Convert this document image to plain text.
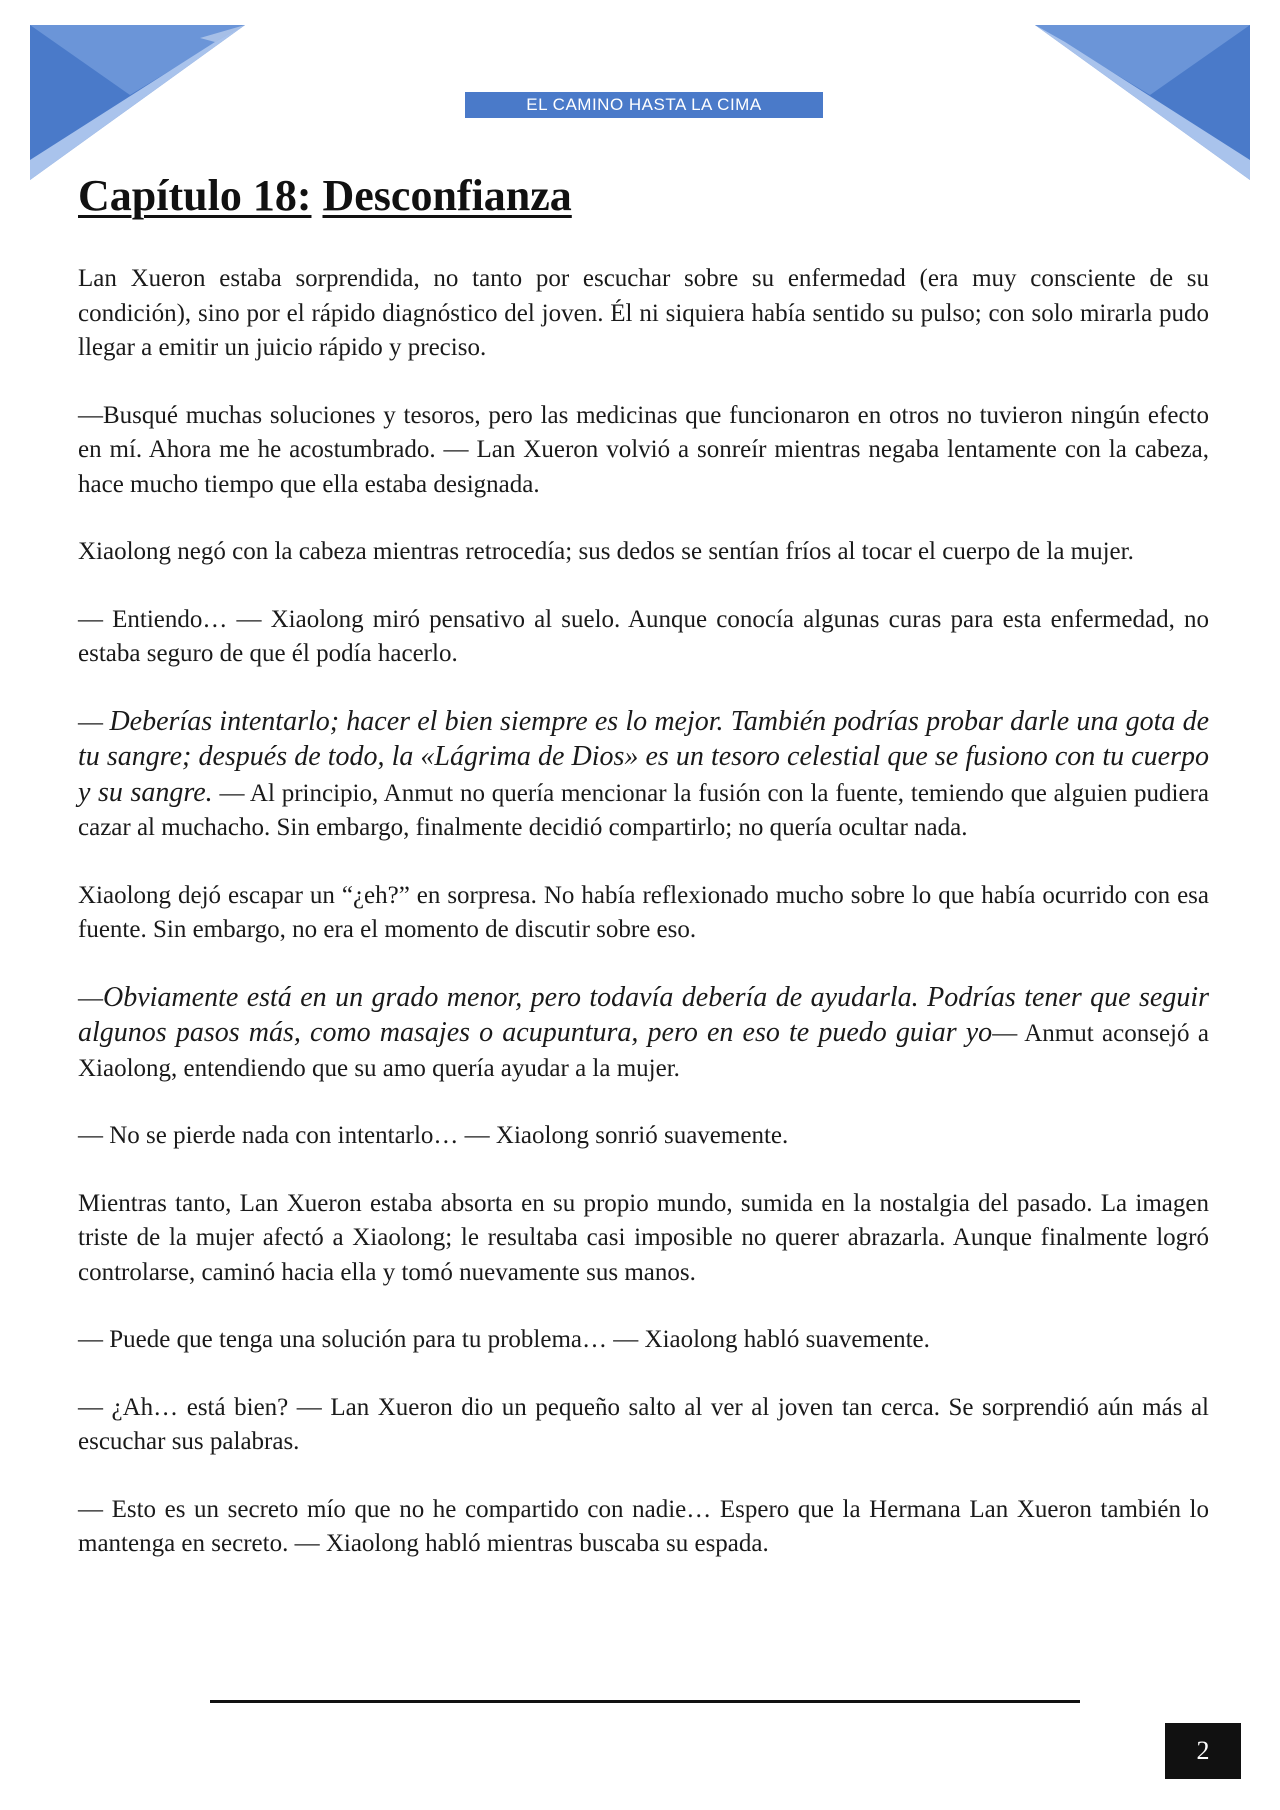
EL CAMINO HASTA LA CIMA
Capítulo 18: Desconfianza

Lan Xueron estaba sorprendida, no tanto por escuchar sobre su enfermedad (era muy consciente de su condición), sino por el rápido diagnóstico del joven. Él ni siquiera había sentido su pulso; con solo mirarla pudo llegar a emitir un juicio rápido y preciso.

—Busqué muchas soluciones y tesoros, pero las medicinas que funcionaron en otros no tuvieron ningún efecto en mí. Ahora me he acostumbrado. — Lan Xueron volvió a sonreír mientras negaba lentamente con la cabeza, hace mucho tiempo que ella estaba designada.

Xiaolong negó con la cabeza mientras retrocedía; sus dedos se sentían fríos al tocar el cuerpo de la mujer.

— Entiendo… — Xiaolong miró pensativo al suelo. Aunque conocía algunas curas para esta enfermedad, no estaba seguro de que él podía hacerlo.

— Deberías intentarlo; hacer el bien siempre es lo mejor. También podrías probar darle una gota de tu sangre; después de todo, la «Lágrima de Dios» es un tesoro celestial que se fusiono con tu cuerpo y su sangre. — Al principio, Anmut no quería mencionar la fusión con la fuente, temiendo que alguien pudiera cazar al muchacho. Sin embargo, finalmente decidió compartirlo; no quería ocultar nada.

Xiaolong dejó escapar un “¿eh?” en sorpresa. No había reflexionado mucho sobre lo que había ocurrido con esa fuente. Sin embargo, no era el momento de discutir sobre eso.

—Obviamente está en un grado menor, pero todavía debería de ayudarla. Podrías tener que seguir algunos pasos más, como masajes o acupuntura, pero en eso te puedo guiar yo— Anmut aconsejó a Xiaolong, entendiendo que su amo quería ayudar a la mujer.

— No se pierde nada con intentarlo… — Xiaolong sonrió suavemente.

Mientras tanto, Lan Xueron estaba absorta en su propio mundo, sumida en la nostalgia del pasado. La imagen triste de la mujer afectó a Xiaolong; le resultaba casi imposible no querer abrazarla. Aunque finalmente logró controlarse, caminó hacia ella y tomó nuevamente sus manos.

— Puede que tenga una solución para tu problema… — Xiaolong habló suavemente.

— ¿Ah… está bien? — Lan Xueron dio un pequeño salto al ver al joven tan cerca. Se sorprendió aún más al escuchar sus palabras.

— Esto es un secreto mío que no he compartido con nadie… Espero que la Hermana Lan Xueron también lo mantenga en secreto. — Xiaolong habló mientras buscaba su espada.

2
